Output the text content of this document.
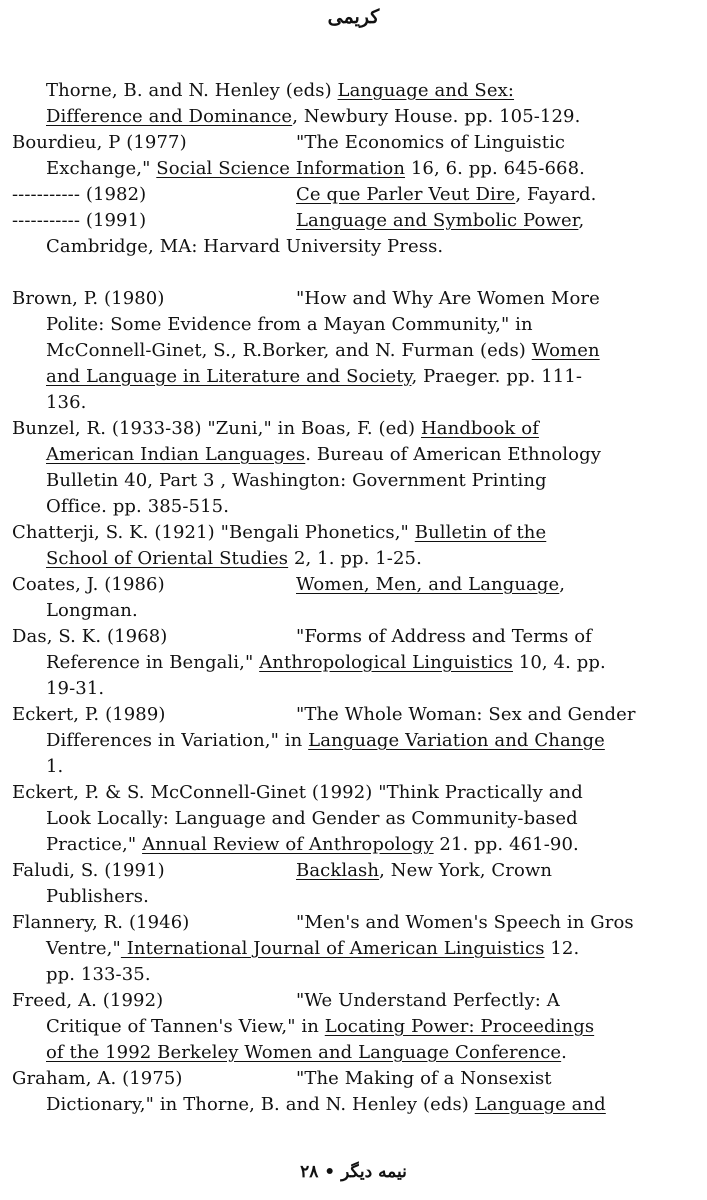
کریمی
Thorne, B. and N. Henley (eds) Language and Sex:
Difference and Dominance, Newbury House. pp. 105-129.
Bourdieu, P (1977)	"The Economics of Linguistic
Exchange," Social Science Information 16, 6. pp. 645-668.
----------- (1982)	Ce que Parler Veut Dire, Fayard.
----------- (1991)	Language and Symbolic Power,
Cambridge, MA: Harvard University Press.
Brown, P. (1980)	"How and Why Are Women More
Polite: Some Evidence from a Mayan Community," in
McConnell-Ginet, S., R.Borker, and N. Furman (eds) Women
and Language in Literature and Society, Praeger. pp. 111-
136.
Bunzel, R. (1933-38) "Zuni," in Boas, F. (ed) Handbook of
American Indian Languages. Bureau of American Ethnology
Bulletin 40, Part 3 , Washington: Government Printing
Office. pp. 385-515.
Chatterji, S. K. (1921) "Bengali Phonetics," Bulletin of the
School of Oriental Studies 2, 1. pp. 1-25.
Coates, J. (1986)	Women, Men, and Language,
Longman.
Das, S. K. (1968)	"Forms of Address and Terms of
Reference in Bengali," Anthropological Linguistics 10, 4. pp.
19-31.
Eckert, P. (1989)	"The Whole Woman: Sex and Gender
Differences in Variation," in Language Variation and Change
1.
Eckert, P. & S. McConnell-Ginet (1992) "Think Practically and
Look Locally: Language and Gender as Community-based
Practice," Annual Review of Anthropology 21. pp. 461-90.
Faludi, S. (1991)	Backlash, New York, Crown
Publishers.
Flannery, R. (1946)	"Men's and Women's Speech in Gros
Ventre," International Journal of American Linguistics 12.
pp. 133-35.
Freed, A. (1992)	"We Understand Perfectly: A
Critique of Tannen's View," in Locating Power: Proceedings
of the 1992 Berkeley Women and Language Conference.
Graham, A. (1975)	"The Making of a Nonsexist
Dictionary," in Thorne, B. and N. Henley (eds) Language and
نیمه دیگر • ۲۸
